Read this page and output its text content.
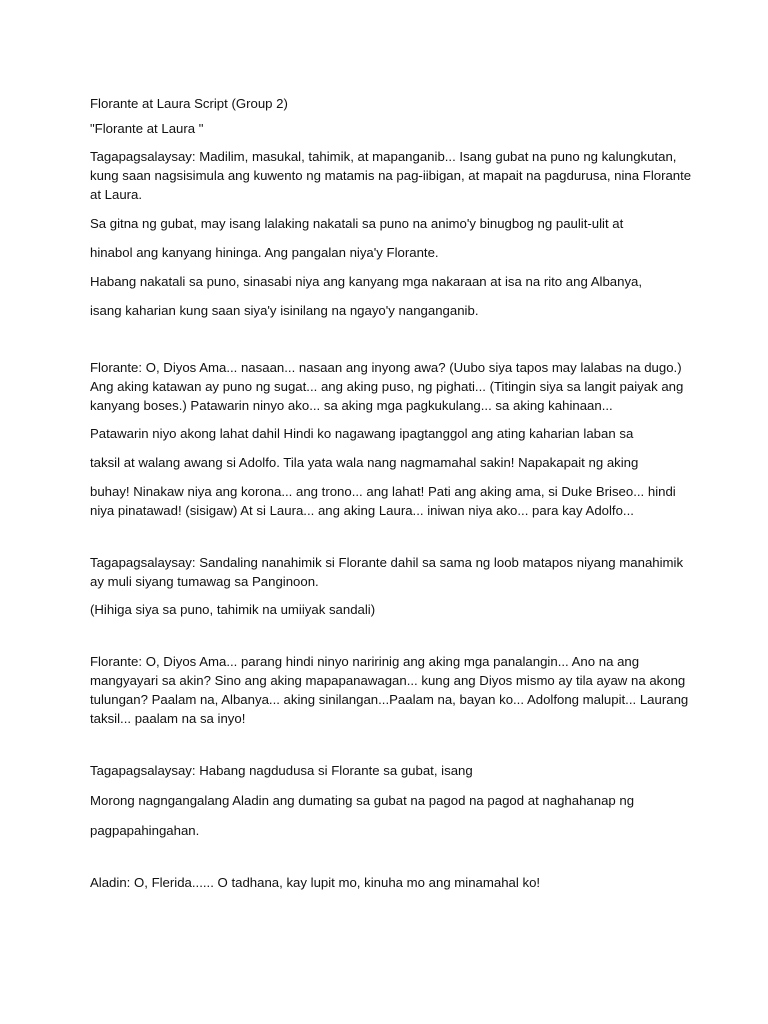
Florante at Laura Script (Group 2)

"Florante at Laura "

Tagapagsalaysay: Madilim, masukal, tahimik, at mapanganib... Isang gubat na puno ng kalungkutan, kung saan nagsisimula ang kuwento ng matamis na pag-iibigan, at mapait na pagdurusa, nina Florante at Laura.

Sa gitna ng gubat, may isang lalaking nakatali sa puno na animo'y binugbog ng paulit-ulit at

hinabol ang kanyang hininga. Ang pangalan niya'y Florante.

Habang nakatali sa puno, sinasabi niya ang kanyang mga nakaraan at isa na rito ang Albanya,

isang kaharian kung saan siya'y isinilang na ngayo'y nanganganib.

Florante: O, Diyos Ama... nasaan... nasaan ang inyong awa? (Uubo siya tapos may lalabas na dugo.) Ang aking katawan ay puno ng sugat... ang aking puso, ng pighati... (Titingin siya sa langit paiyak ang kanyang boses.) Patawarin ninyo ako... sa aking mga pagkukulang... sa aking kahinaan...

Patawarin niyo akong lahat dahil Hindi ko nagawang ipagtanggol ang ating kaharian laban sa

taksil at walang awang si Adolfo. Tila yata wala nang nagmamahal sakin! Napakapait ng aking

buhay! Ninakaw niya ang korona... ang trono... ang lahat! Pati ang aking ama, si Duke Briseo... hindi niya pinatawad! (sisigaw) At si Laura... ang aking Laura... iniwan niya ako... para kay Adolfo...

Tagapagsalaysay: Sandaling nanahimik si Florante dahil sa sama ng loob matapos niyang manahimik ay muli siyang tumawag sa Panginoon.

(Hihiga siya sa puno, tahimik na umiiyak sandali)

Florante: O, Diyos Ama... parang hindi ninyo naririnig ang aking mga panalangin... Ano na ang mangyayari sa akin? Sino ang aking mapapanawagan... kung ang Diyos mismo ay tila ayaw na akong tulungan? Paalam na, Albanya... aking sinilangan...Paalam na, bayan ko... Adolfong malupit... Laurang taksil... paalam na sa inyo!

Tagapagsalaysay: Habang nagdudusa si Florante sa gubat, isang

Morong nagngangalang Aladin ang dumating sa gubat na pagod na pagod at naghahanap ng

pagpapahingahan.

Aladin: O, Flerida...... O tadhana, kay lupit mo, kinuha mo ang minamahal ko!
